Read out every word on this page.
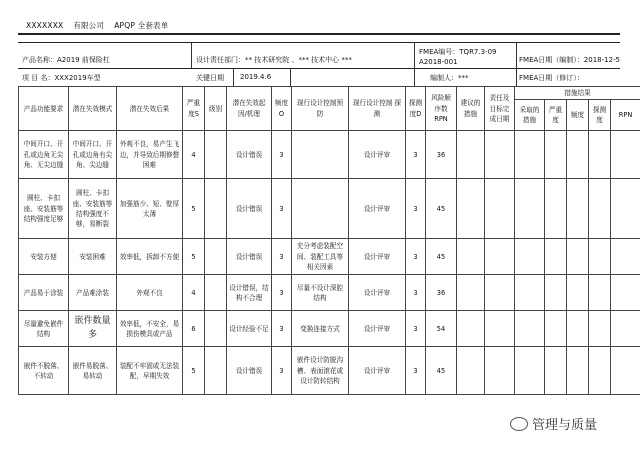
XXXXXXX 有限公司 APQP 全套表单
产品名称：A2019 前保险杠	设计责任部门：** 技术研究院 、*** 技术中心 ***
FMEA编号：TQR7.3-09
A2018-001	FMEA日期（编制）：2018-12-5
项 目 名：XXX2019车型	关键日期 2019.4.6	编制人：***	FMEA日期（修订）：
产品功能要求	潜在失效模式	潜在失效后果	严重度S	级别	潜在失效起因/机理	频度O	现行设计控制预防	现行设计控制 探测	探测度D	风险顺序数RPN	建议的措施	责任及目标完成日期	措施结果				
													采取的措施	严重度	频度	探测度	RPN
中间开口、开孔或边角无尖角、无尖边缝	中间开口、开孔或边角有尖角、尖边缝	外观不良，易产生飞边，并导致后期修整困难	4		设计错误	3		设计评审	3	36							
圆柱、卡扣座、安装筋等结构强度足够	圆柱、卡扣座、安装筋等结构强度不够，易断裂	加强筋少、短、壁厚太薄	5		设计错误	3		设计评审	3	45							
安装方便	安装困难	效率低，拆卸不方便	5		设计错误	3	充分考虑装配空间、装配工具等相关因素	设计评审	3	45							
产品易于涂装	产品难涂装	外观不良	4		设计错误，结构不合理	3	尽量不设计深腔结构	设计评审	3	36							
尽量避免嵌件结构	嵌件数量多	效率低，不安全，易损伤模具或产品	6		设计经验不足	3	变换连接方式	设计评审	3	54							
嵌件不脱落、不转动	嵌件易脱落、易转动	装配不牢固或无法装配，早期失效	5		设计错误	3	嵌件设计防脱沟槽、表面滚花或设计防转结构	设计评审	3	45							
管理与质量
